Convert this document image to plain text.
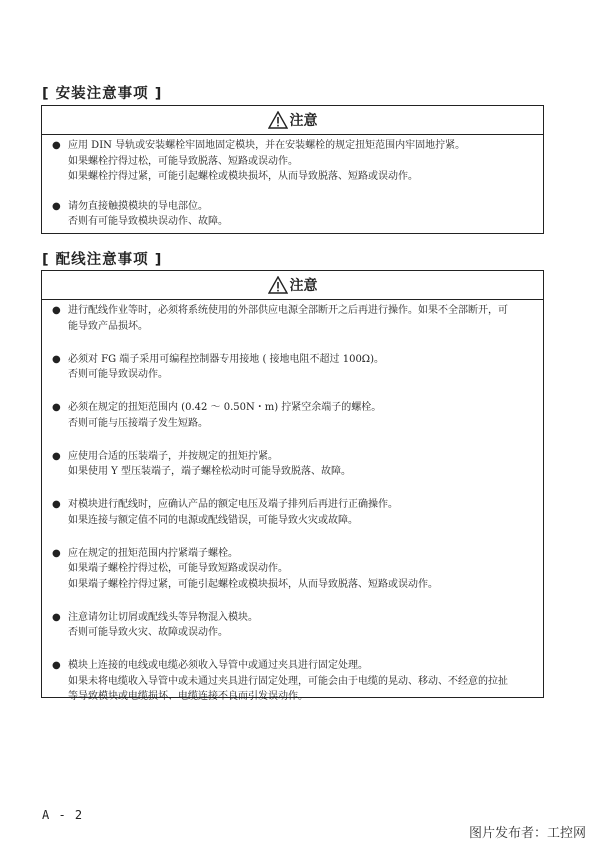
[ 安装注意事项 ]
注意
● 应用 DIN 导轨或安装螺栓牢固地固定模块，并在安装螺栓的规定扭矩范围内牢固地拧紧。
如果螺栓拧得过松，可能导致脱落、短路或误动作。
如果螺栓拧得过紧，可能引起螺栓或模块损坏，从而导致脱落、短路或误动作。
● 请勿直接触摸模块的导电部位。
否则有可能导致模块误动作、故障。
[ 配线注意事项 ]
注意
● 进行配线作业等时，必须将系统使用的外部供应电源全部断开之后再进行操作。如果不全部断开，可
能导致产品损坏。
● 必须对 FG 端子采用可编程控制器专用接地 ( 接地电阻不超过 100Ω)。
否则可能导致误动作。
● 必须在规定的扭矩范围内 (0.42 ～ 0.50N・m) 拧紧空余端子的螺栓。
否则可能与压接端子发生短路。
● 应使用合适的压装端子，并按规定的扭矩拧紧。
如果使用 Y 型压装端子，端子螺栓松动时可能导致脱落、故障。
● 对模块进行配线时，应确认产品的额定电压及端子排列后再进行正确操作。
如果连接与额定值不同的电源或配线错误，可能导致火灾或故障。
● 应在规定的扭矩范围内拧紧端子螺栓。
如果端子螺栓拧得过松，可能导致短路或误动作。
如果端子螺栓拧得过紧，可能引起螺栓或模块损坏，从而导致脱落、短路或误动作。
● 注意请勿让切屑或配线头等异物混入模块。
否则可能导致火灾、故障或误动作。
● 模块上连接的电线或电缆必须收入导管中或通过夹具进行固定处理。
如果未将电缆收入导管中或未通过夹具进行固定处理，可能会由于电缆的晃动、移动、不经意的拉扯
等导致模块或电缆损坏、电缆连接不良而引发误动作。
A - 2
图片发布者：工控网
